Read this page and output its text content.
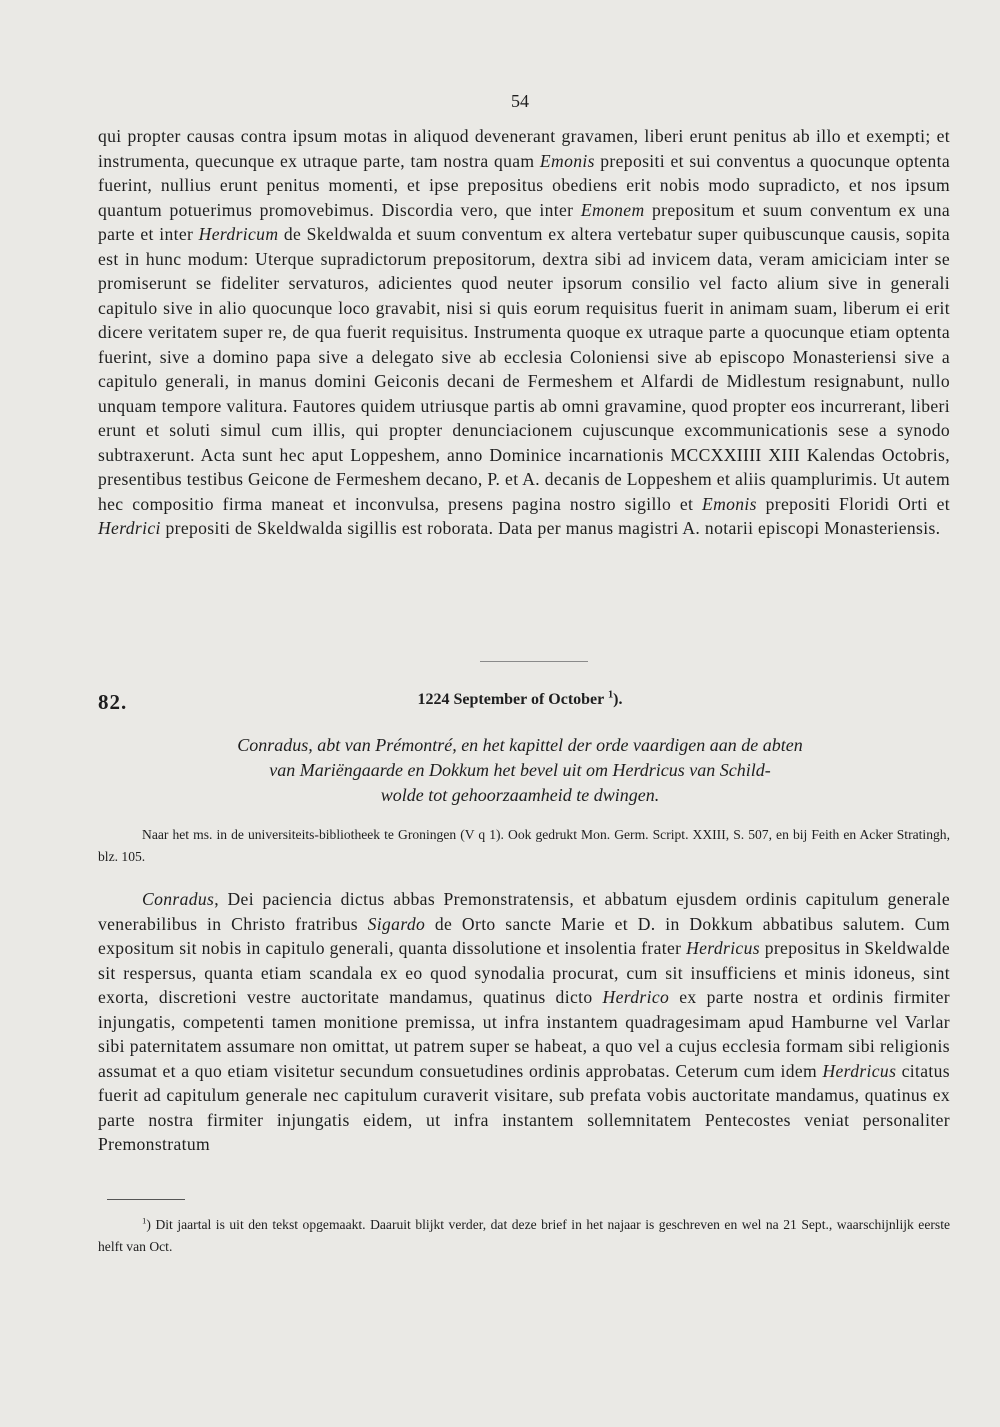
54

qui propter causas contra ipsum motas in aliquod devenerant gravamen, liberi erunt penitus ab illo et exempti; et instrumenta, quecunque ex utraque parte, tam nostra quam Emonis prepositi et sui conventus a quocunque optenta fuerint, nullius erunt penitus momenti, et ipse prepositus obediens erit nobis modo supradicto, et nos ipsum quantum potuerimus promovebimus. Discordia vero, que inter Emonem prepositum et suum conventum ex una parte et inter Herdricum de Skeldwalda et suum conventum ex altera vertebatur super quibuscunque causis, sopita est in hunc modum: Uterque supradictorum prepositorum, dextra sibi ad invicem data, veram amiciciam inter se promiserunt se fideliter servaturos, adicientes quod neuter ipsorum consilio vel facto alium sive in generali capitulo sive in alio quocunque loco gravabit, nisi si quis eorum requisitus fuerit in animam suam, liberum ei erit dicere veritatem super re, de qua fuerit requisitus. Instrumenta quoque ex utraque parte a quocunque etiam optenta fuerint, sive a domino papa sive a delegato sive ab ecclesia Coloniensi sive ab episcopo Monasteriensi sive a capitulo generali, in manus domini Geiconis decani de Fermeshem et Alfardi de Midlestum resignabunt, nullo unquam tempore valitura. Fautores quidem utriusque partis ab omni gravamine, quod propter eos incurrerant, liberi erunt et soluti simul cum illis, qui propter denunciacionem cujuscunque excommunicationis sese a synodo subtraxerunt. Acta sunt hec aput Loppeshem, anno Dominice incarnationis MCCXXIIII XIII Kalendas Octobris, presentibus testibus Geicone de Fermeshem decano, P. et A. decanis de Loppeshem et aliis quamplurimis. Ut autem hec compositio firma maneat et inconvulsa, presens pagina nostro sigillo et Emonis prepositi Floridi Orti et Herdrici prepositi de Skeldwalda sigillis est roborata. Data per manus magistri A. notarii episcopi Monasteriensis.

82.	1224 September of October $^1$).
Conradus, abt van Prémontré, en het kapittel der orde vaardigen aan de abten
van Mariëngaarde en Dokkum het bevel uit om Herdricus van Schild-
wolde tot gehoorzaamheid te dwingen.
Naar het ms. in de universiteits-bibliotheek te Groningen (V q 1). Ook gedrukt Mon. Germ. Script. XXIII, S. 507, en bij Feith en Acker Stratingh, blz. 105.
Conradus, Dei paciencia dictus abbas Premonstratensis, et abbatum ejusdem ordinis capitulum generale venerabilibus in Christo fratribus Sigardo de Orto sancte Marie et D. in Dokkum abbatibus salutem. Cum expositum sit nobis in capitulo generali, quanta dissolutione et insolentia frater Herdricus prepositus in Skeldwalde sit respersus, quanta etiam scandala ex eo quod synodalia procurat, cum sit insufficiens et minis idoneus, sint exorta, discretioni vestre auctoritate mandamus, quatinus dicto Herdrico ex parte nostra et ordinis firmiter injungatis, competenti tamen monitione premissa, ut infra instantem quadragesimam apud Hamburne vel Varlar sibi paternitatem assumare non omittat, ut patrem super se habeat, a quo vel a cujus ecclesia formam sibi religionis assumat et a quo etiam visitetur secundum consuetudines ordinis approbatas. Ceterum cum idem Herdricus citatus fuerit ad capitulum generale nec capitulum curaverit visitare, sub prefata vobis auctoritate mandamus, quatinus ex parte nostra firmiter injungatis eidem, ut infra instantem sollemnitatem Pentecostes veniat personaliter Premonstratum
$^1$) Dit jaartal is uit den tekst opgemaakt. Daaruit blijkt verder, dat deze brief in het najaar is geschreven en wel na 21 Sept., waarschijnlijk eerste helft van Oct.
